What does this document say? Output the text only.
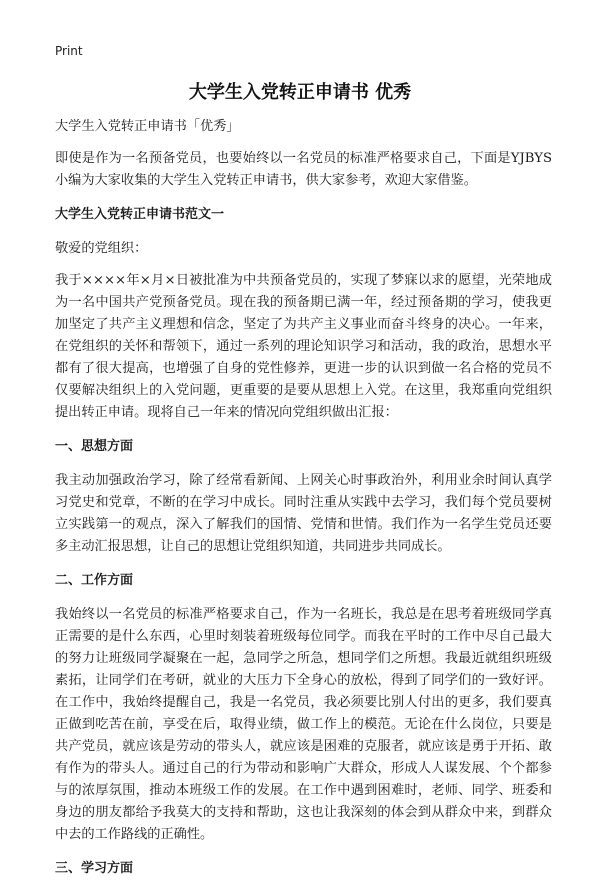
Print
大学生入党转正申请书 优秀

大学生入党转正申请书「优秀」

即使是作为一名预备党员，也要始终以一名党员的标准严格要求自己，下面是YJBYS小编为大家收集的大学生入党转正申请书，供大家参考，欢迎大家借鉴。

大学生入党转正申请书范文一

敬爱的党组织：

我于××××年×月×日被批准为中共预备党员的，实现了梦寐以求的愿望，光荣地成为一名中国共产党预备党员。现在我的预备期已满一年，经过预备期的学习，使我更加坚定了共产主义理想和信念，坚定了为共产主义事业而奋斗终身的决心。一年来，在党组织的关怀和帮领下，通过一系列的理论知识学习和活动，我的政治，思想水平都有了很大提高，也增强了自身的党性修养，更进一步的认识到做一名合格的党员不仅要解决组织上的入党问题，更重要的是要从思想上入党。在这里，我郑重向党组织提出转正申请。现将自己一年来的情况向党组织做出汇报：

一、思想方面

我主动加强政治学习，除了经常看新闻、上网关心时事政治外，利用业余时间认真学习党史和党章，不断的在学习中成长。同时注重从实践中去学习，我们每个党员要树立实践第一的观点，深入了解我们的国情、党情和世情。我们作为一名学生党员还要多主动汇报思想，让自己的思想让党组织知道，共同进步共同成长。

二、工作方面

我始终以一名党员的标准严格要求自己，作为一名班长，我总是在思考着班级同学真正需要的是什么东西，心里时刻装着班级每位同学。而我在平时的工作中尽自己最大的努力让班级同学凝聚在一起，急同学之所急，想同学们之所想。我最近就组织班级素拓，让同学们在考研，就业的大压力下全身心的放松，得到了同学们的一致好评。在工作中，我始终提醒自己，我是一名党员，我必须要比别人付出的更多，我们要真正做到吃苦在前，享受在后，取得业绩，做工作上的模范。无论在什么岗位，只要是共产党员，就应该是劳动的带头人，就应该是困难的克服者，就应该是勇于开拓、敢有作为的带头人。通过自己的行为带动和影响广大群众，形成人人谋发展、个个都参与的浓厚氛围，推动本班级工作的发展。在工作中遇到困难时，老师、同学、班委和身边的朋友都给予我莫大的支持和帮助，这也让我深刻的体会到从群众中来，到群众中去的工作路线的正确性。

三、学习方面
